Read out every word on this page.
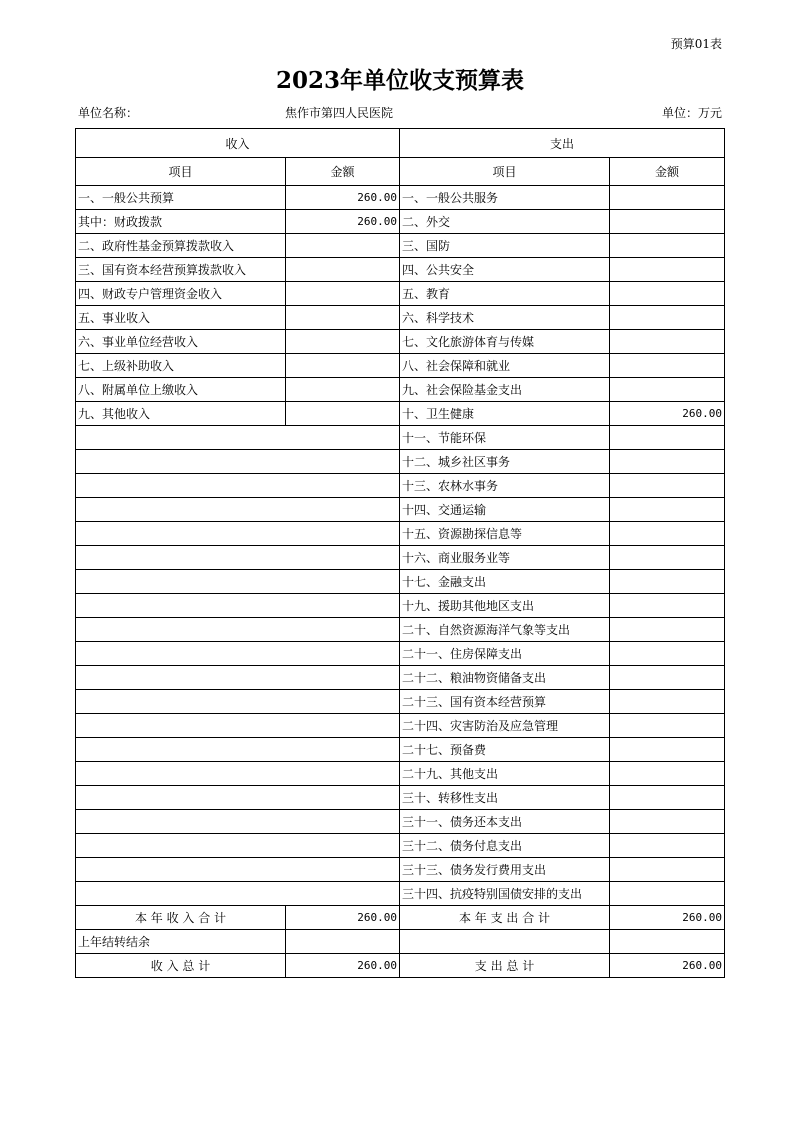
预算01表
2023年单位收支预算表
单位名称：	焦作市第四人民医院	单位：万元
收入		支出	
项目	金额	项目	金额
一、一般公共预算	260.00	一、一般公共服务	
其中：财政拨款	260.00	二、外交	
二、政府性基金预算拨款收入		三、国防	
三、国有资本经营预算拨款收入		四、公共安全	
四、财政专户管理资金收入		五、教育	
五、事业收入		六、科学技术	
六、事业单位经营收入		七、文化旅游体育与传媒	
七、上级补助收入		八、社会保障和就业	
八、附属单位上缴收入		九、社会保险基金支出	
九、其他收入		十、卫生健康	260.00
		十一、节能环保	
		十二、城乡社区事务	
		十三、农林水事务	
		十四、交通运输	
		十五、资源勘探信息等	
		十六、商业服务业等	
		十七、金融支出	
		十九、援助其他地区支出	
		二十、自然资源海洋气象等支出	
		二十一、住房保障支出	
		二十二、粮油物资储备支出	
		二十三、国有资本经营预算	
		二十四、灾害防治及应急管理	
		二十七、预备费	
		二十九、其他支出	
		三十、转移性支出	
		三十一、债务还本支出	
		三十二、债务付息支出	
		三十三、债务发行费用支出	
		三十四、抗疫特别国债安排的支出	
本 年 收 入 合 计	260.00	本 年 支 出 合 计	260.00
上年结转结余			
收 入 总 计	260.00	支 出 总 计	260.00
